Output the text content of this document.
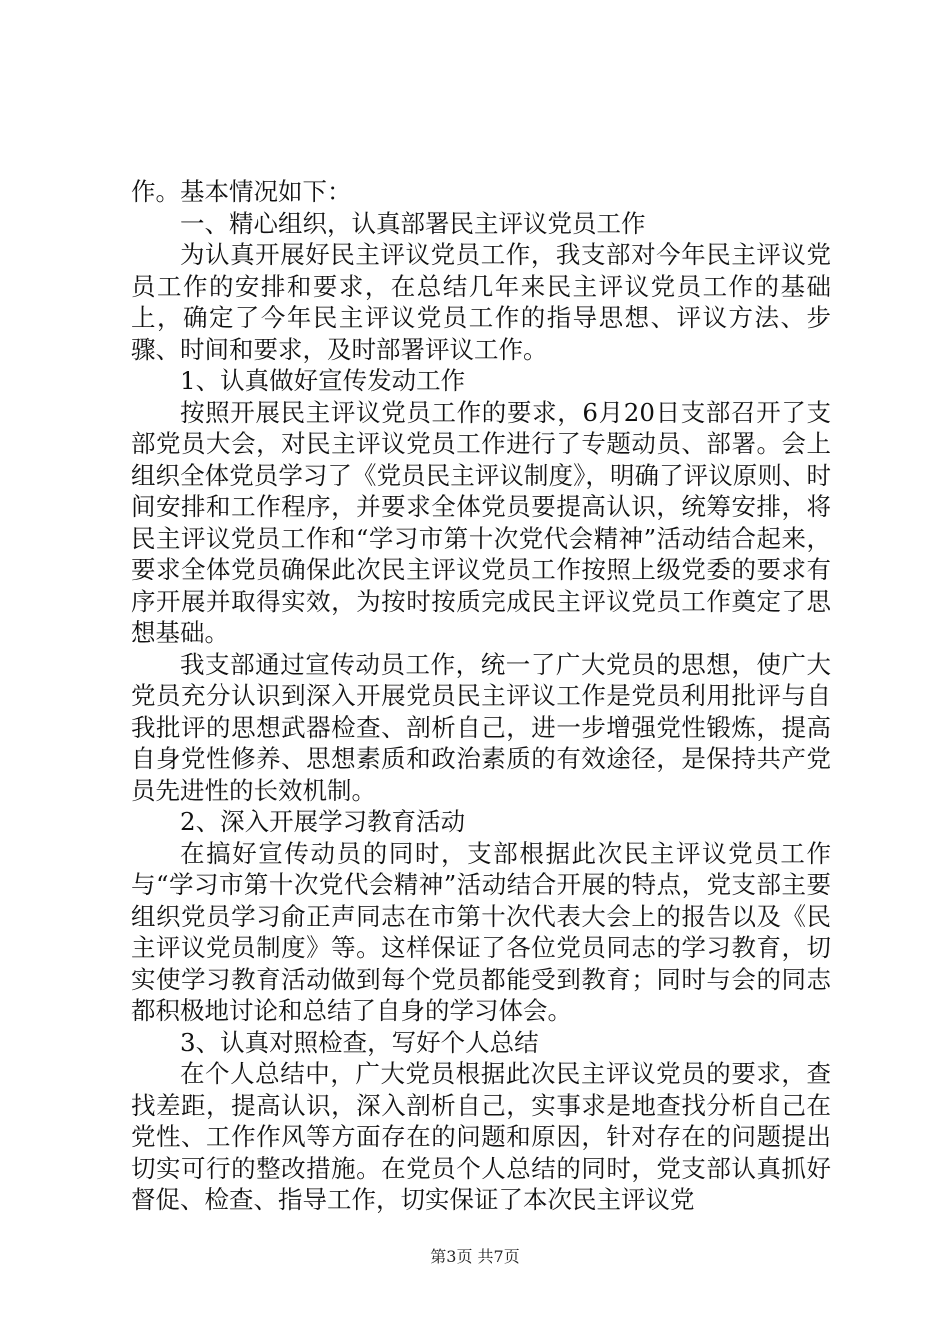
作。基本情况如下：

一、精心组织，认真部署民主评议党员工作

为认真开展好民主评议党员工作，我支部对今年民主评议党员工作的安排和要求，在总结几年来民主评议党员工作的基础上，确定了今年民主评议党员工作的指导思想、评议方法、步骤、时间和要求，及时部署评议工作。

1、认真做好宣传发动工作

按照开展民主评议党员工作的要求，6月20日支部召开了支部党员大会，对民主评议党员工作进行了专题动员、部署。会上组织全体党员学习了《党员民主评议制度》，明确了评议原则、时间安排和工作程序，并要求全体党员要提高认识，统筹安排，将民主评议党员工作和“学习市第十次党代会精神”活动结合起来，要求全体党员确保此次民主评议党员工作按照上级党委的要求有序开展并取得实效，为按时按质完成民主评议党员工作奠定了思想基础。

我支部通过宣传动员工作，统一了广大党员的思想，使广大党员充分认识到深入开展党员民主评议工作是党员利用批评与自我批评的思想武器检查、剖析自己，进一步增强党性锻炼，提高自身党性修养、思想素质和政治素质的有效途径，是保持共产党员先进性的长效机制。

2、深入开展学习教育活动

在搞好宣传动员的同时，支部根据此次民主评议党员工作与“学习市第十次党代会精神”活动结合开展的特点，党支部主要组织党员学习俞正声同志在市第十次代表大会上的报告以及《民主评议党员制度》等。这样保证了各位党员同志的学习教育，切实使学习教育活动做到每个党员都能受到教育；同时与会的同志都积极地讨论和总结了自身的学习体会。

3、认真对照检查，写好个人总结

在个人总结中，广大党员根据此次民主评议党员的要求，查找差距，提高认识，深入剖析自己，实事求是地查找分析自己在党性、工作作风等方面存在的问题和原因，针对存在的问题提出切实可行的整改措施。在党员个人总结的同时，党支部认真抓好督促、检查、指导工作，切实保证了本次民主评议党

第3页 共7页
